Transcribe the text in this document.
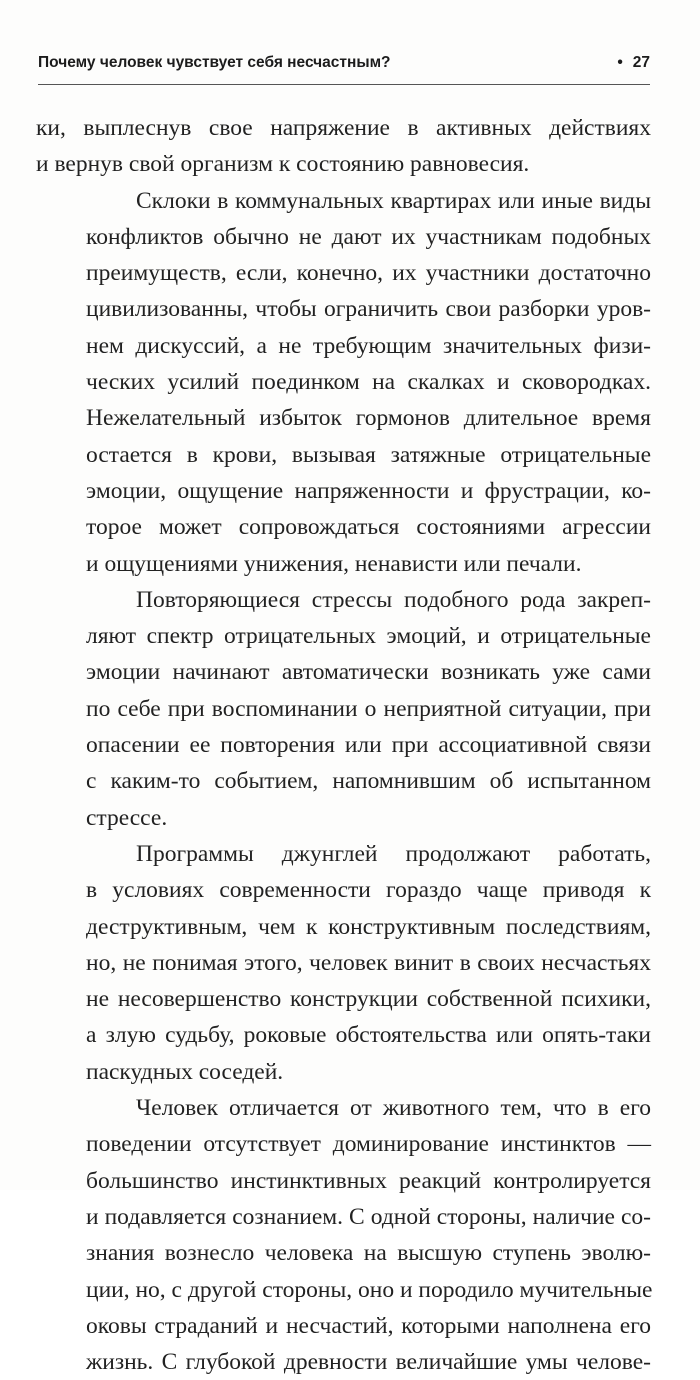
Почему человек чувствует себя несчастным?	• 27
ки, выплеснув свое напряжение в активных действиях
и вернув свой организм к состоянию равновесия.
Склоки в коммунальных квартирах или иные виды
конфликтов обычно не дают их участникам подобных
преимуществ, если, конечно, их участники достаточно
цивилизованны, чтобы ограничить свои разборки уров-
нем дискуссий, а не требующим значительных физи-
ческих усилий поединком на скалках и сковородках.
Нежелательный избыток гормонов длительное время
остается в крови, вызывая затяжные отрицательные
эмоции, ощущение напряженности и фрустрации, ко-
торое может сопровождаться состояниями агрессии
и ощущениями унижения, ненависти или печали.
Повторяющиеся стрессы подобного рода закреп-
ляют спектр отрицательных эмоций, и отрицательные
эмоции начинают автоматически возникать уже сами
по себе при воспоминании о неприятной ситуации, при
опасении ее повторения или при ассоциативной связи
с каким-то событием, напомнившим об испытанном
стрессе.
Программы джунглей продолжают работать,
в условиях современности гораздо чаще приводя к
деструктивным, чем к конструктивным последствиям,
но, не понимая этого, человек винит в своих несчастьях
не несовершенство конструкции собственной психики,
а злую судьбу, роковые обстоятельства или опять-таки
паскудных соседей.
Человек отличается от животного тем, что в его
поведении отсутствует доминирование инстинктов —
большинство инстинктивных реакций контролируется
и подавляется сознанием. С одной стороны, наличие со-
знания вознесло человека на высшую ступень эволю-
ции, но, с другой стороны, оно и породило мучительные
оковы страданий и несчастий, которыми наполнена его
жизнь. С глубокой древности величайшие умы челове-
